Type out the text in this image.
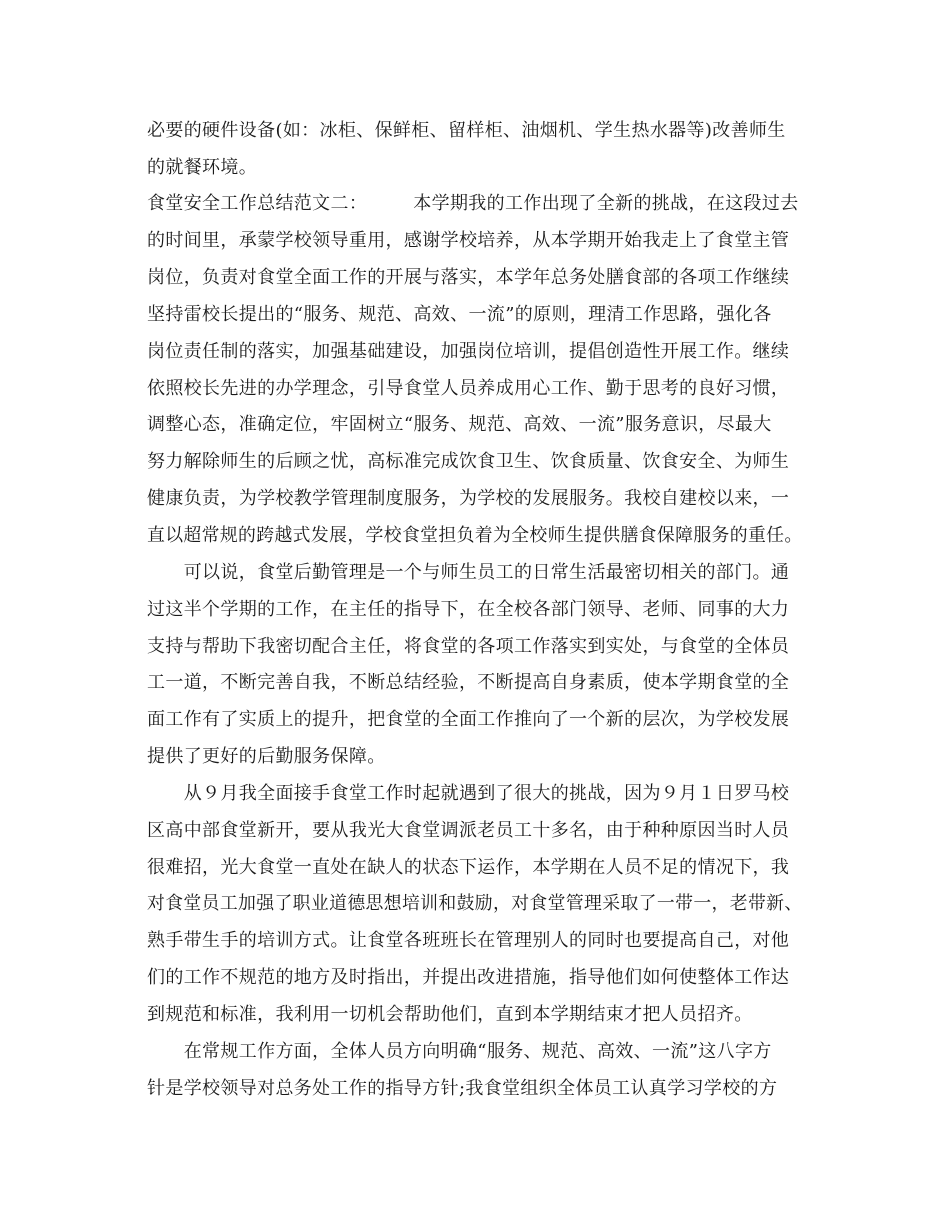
必要的硬件设备(如：冰柜、保鲜柜、留样柜、油烟机、学生热水器等)改善师生
的就餐环境。
食堂安全工作总结范文二：　　　本学期我的工作出现了全新的挑战，在这段过去
的时间里，承蒙学校领导重用，感谢学校培养，从本学期开始我走上了食堂主管
岗位，负责对食堂全面工作的开展与落实，本学年总务处膳食部的各项工作继续
坚持雷校长提出的“服务、规范、高效、一流”的原则，理清工作思路，强化各
岗位责任制的落实，加强基础建设，加强岗位培训，提倡创造性开展工作。继续
依照校长先进的办学理念，引导食堂人员养成用心工作、勤于思考的良好习惯，
调整心态，准确定位，牢固树立“服务、规范、高效、一流”服务意识，尽最大
努力解除师生的后顾之忧，高标准完成饮食卫生、饮食质量、饮食安全、为师生
健康负责，为学校教学管理制度服务，为学校的发展服务。我校自建校以来，一
直以超常规的跨越式发展，学校食堂担负着为全校师生提供膳食保障服务的重任。
　　可以说，食堂后勤管理是一个与师生员工的日常生活最密切相关的部门。通
过这半个学期的工作，在主任的指导下，在全校各部门领导、老师、同事的大力
支持与帮助下我密切配合主任，将食堂的各项工作落实到实处，与食堂的全体员
工一道，不断完善自我，不断总结经验，不断提高自身素质，使本学期食堂的全
面工作有了实质上的提升，把食堂的全面工作推向了一个新的层次，为学校发展
提供了更好的后勤服务保障。
　　从９月我全面接手食堂工作时起就遇到了很大的挑战，因为９月１日罗马校
区高中部食堂新开，要从我光大食堂调派老员工十多名，由于种种原因当时人员
很难招，光大食堂一直处在缺人的状态下运作，本学期在人员不足的情况下，我
对食堂员工加强了职业道德思想培训和鼓励，对食堂管理采取了一带一，老带新、
熟手带生手的培训方式。让食堂各班班长在管理别人的同时也要提高自己，对他
们的工作不规范的地方及时指出，并提出改进措施，指导他们如何使整体工作达
到规范和标准，我利用一切机会帮助他们，直到本学期结束才把人员招齐。
　　在常规工作方面，全体人员方向明确“服务、规范、高效、一流”这八字方
针是学校领导对总务处工作的指导方针;我食堂组织全体员工认真学习学校的方
